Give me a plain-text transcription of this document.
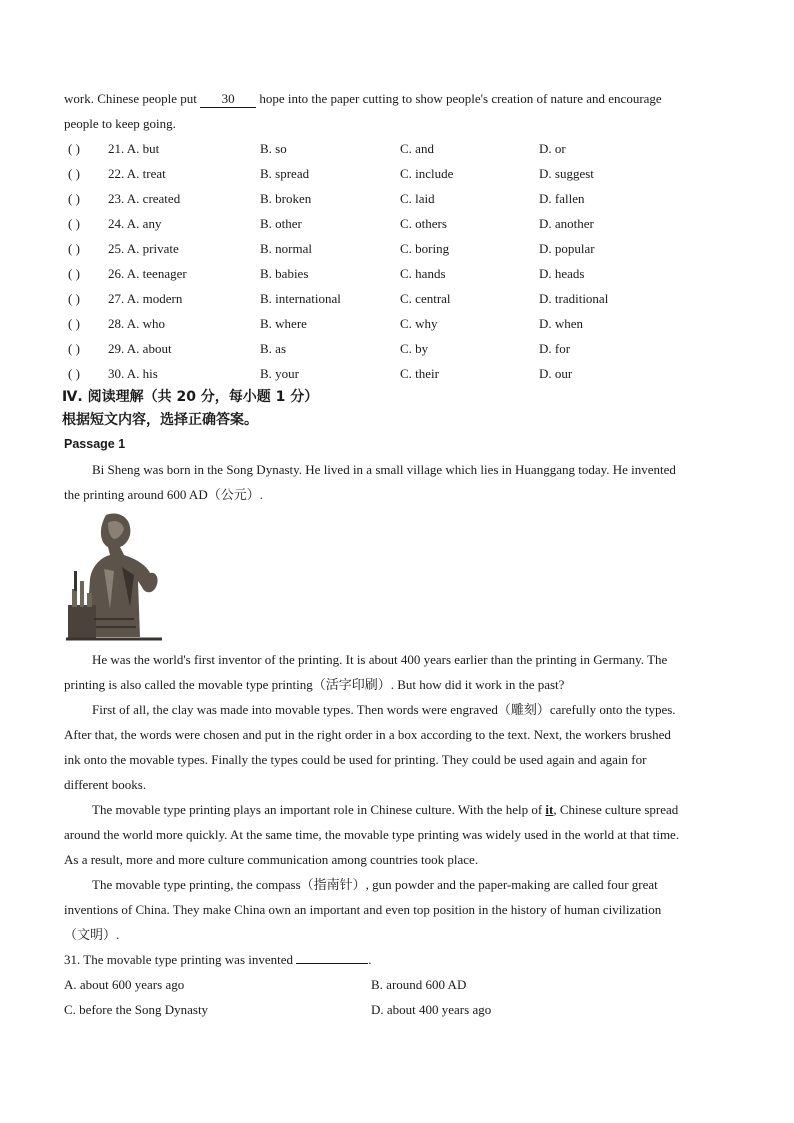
work. Chinese people put 30 hope into the paper cutting to show people's creation of nature and encourage
people to keep going.
( ) 21. A. but	B. so	C. and	D. or
( ) 22. A. treat	B. spread	C. include	D. suggest
( ) 23. A. created	B. broken	C. laid	D. fallen
( ) 24. A. any	B. other	C. others	D. another
( ) 25. A. private	B. normal	C. boring	D. popular
( ) 26. A. teenager	B. babies	C. hands	D. heads
( ) 27. A. modern	B. international	C. central	D. traditional
( ) 28. A. who	B. where	C. why	D. when
( ) 29. A. about	B. as	C. by	D. for
( ) 30. A. his	B. your	C. their	D. our
Ⅳ. 阅读理解（共 20 分，每小题 1 分）
根据短文内容，选择正确答案。
Passage 1
Bi Sheng was born in the Song Dynasty. He lived in a small village which lies in Huanggang today. He invented
the printing around 600 AD（公元）.
He was the world's first inventor of the printing. It is about 400 years earlier than the printing in Germany. The
printing is also called the movable type printing（活字印刷）. But how did it work in the past?
First of all, the clay was made into movable types. Then words were engraved（雕刻）carefully onto the types.
After that, the words were chosen and put in the right order in a box according to the text. Next, the workers brushed
ink onto the movable types. Finally the types could be used for printing. They could be used again and again for
different books.
The movable type printing plays an important role in Chinese culture. With the help of it, Chinese culture spread
around the world more quickly. At the same time, the movable type printing was widely used in the world at that time.
As a result, more and more culture communication among countries took place.
The movable type printing, the compass（指南针）, gun powder and the paper-making are called four great
inventions of China. They make China own an important and even top position in the history of human civilization
（文明）.
31. The movable type printing was invented	.
A. about 600 years ago	B. around 600 AD
C. before the Song Dynasty	D. about 400 years ago
